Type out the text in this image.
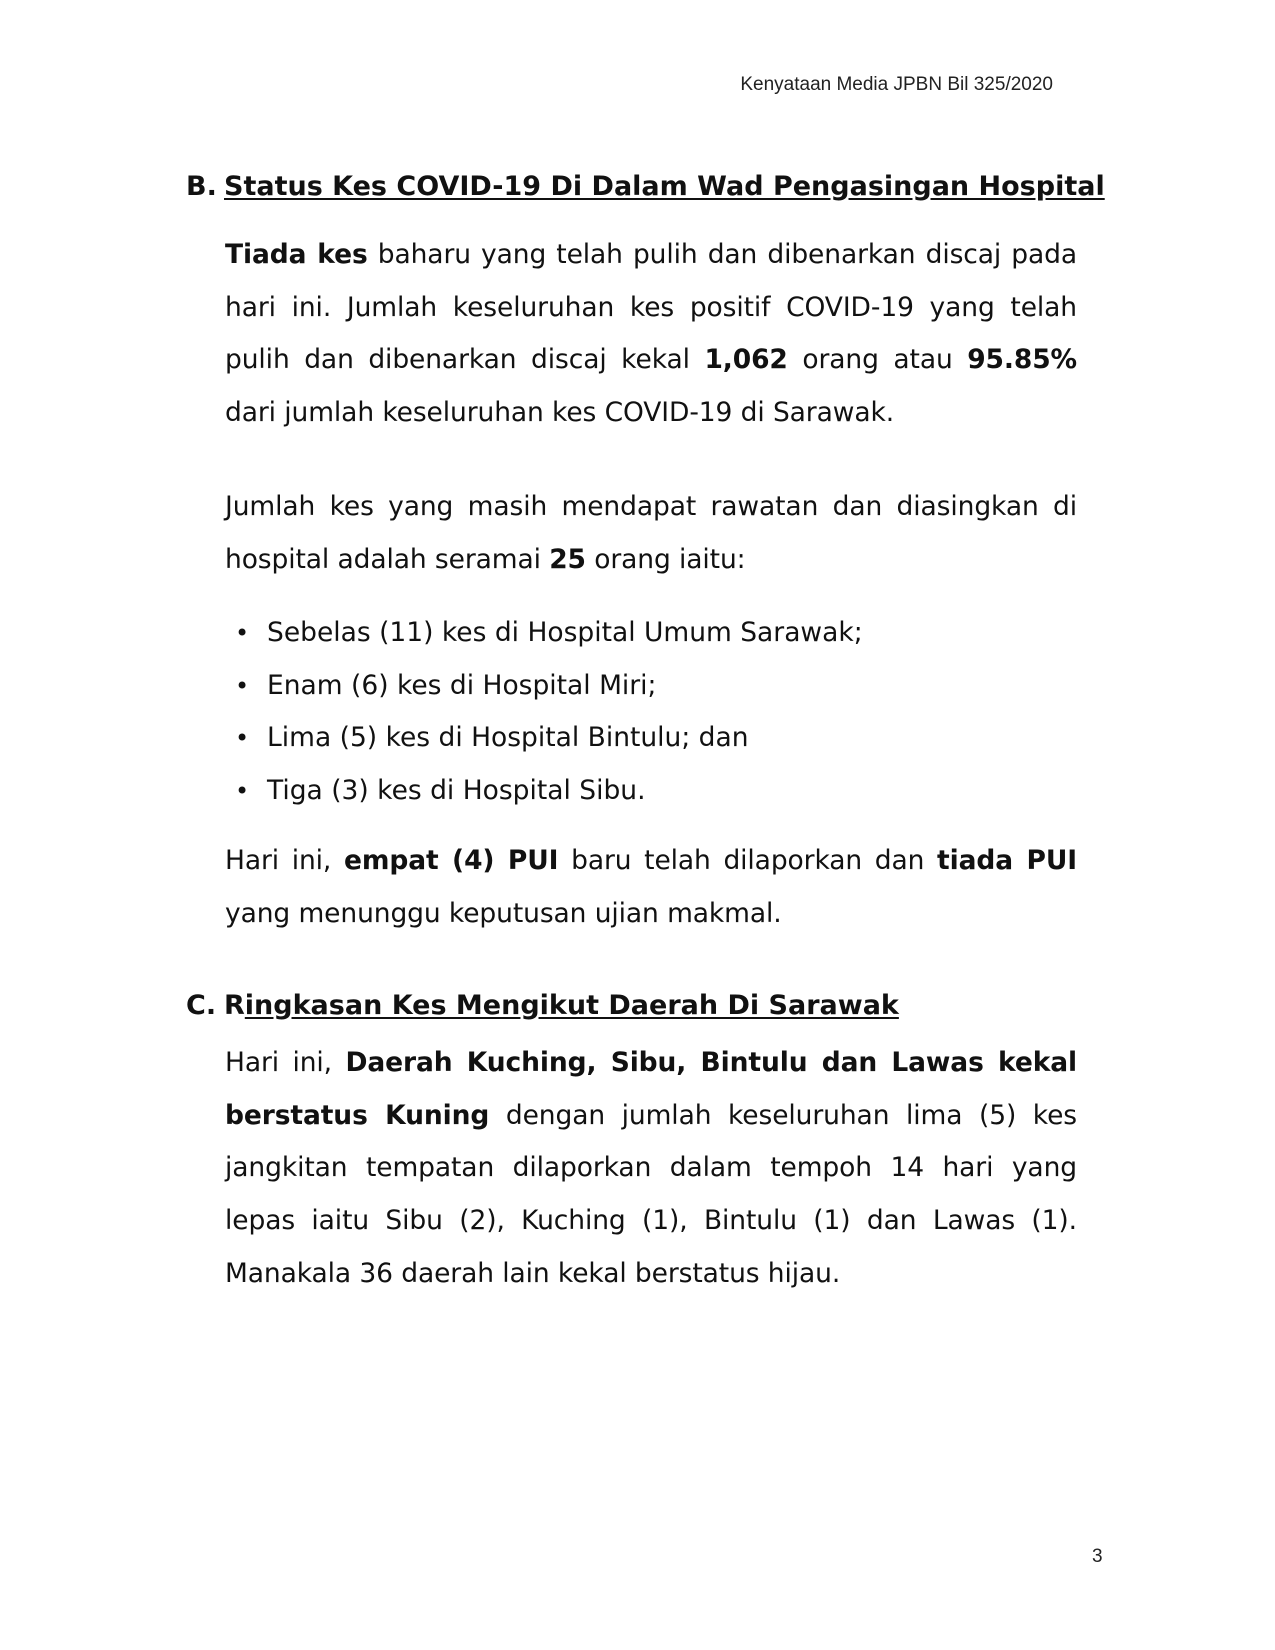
Kenyataan Media JPBN Bil 325/2020
B. Status Kes COVID-19 Di Dalam Wad Pengasingan Hospital
Tiada kes baharu yang telah pulih dan dibenarkan discaj pada hari ini. Jumlah keseluruhan kes positif COVID-19 yang telah pulih dan dibenarkan discaj kekal 1,062 orang atau 95.85% dari jumlah keseluruhan kes COVID-19 di Sarawak.
Jumlah kes yang masih mendapat rawatan dan diasingkan di hospital adalah seramai 25 orang iaitu:
• Sebelas (11) kes di Hospital Umum Sarawak;
• Enam (6) kes di Hospital Miri;
• Lima (5) kes di Hospital Bintulu; dan
• Tiga (3) kes di Hospital Sibu.
Hari ini, empat (4) PUI baru telah dilaporkan dan tiada PUI yang menunggu keputusan ujian makmal.
C. Ringkasan Kes Mengikut Daerah Di Sarawak
Hari ini, Daerah Kuching, Sibu, Bintulu dan Lawas kekal berstatus Kuning dengan jumlah keseluruhan lima (5) kes jangkitan tempatan dilaporkan dalam tempoh 14 hari yang lepas iaitu Sibu (2), Kuching (1), Bintulu (1) dan Lawas (1). Manakala 36 daerah lain kekal berstatus hijau.
3
